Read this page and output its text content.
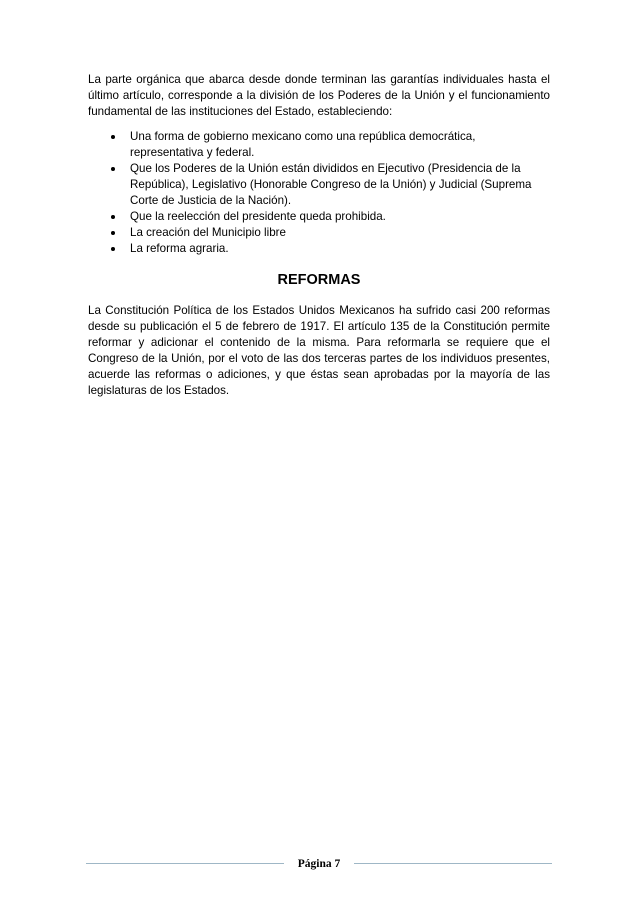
La parte orgánica que abarca desde donde terminan las garantías individuales hasta el último artículo, corresponde a la división de los Poderes de la Unión y el funcionamiento fundamental de las instituciones del Estado, estableciendo:

Una forma de gobierno mexicano como una república democrática, representativa y federal.
Que los Poderes de la Unión están divididos en Ejecutivo (Presidencia de la República), Legislativo (Honorable Congreso de la Unión) y Judicial (Suprema Corte de Justicia de la Nación).
Que la reelección del presidente queda prohibida.
La creación del Municipio libre
La reforma agraria.
REFORMAS

La Constitución Política de los Estados Unidos Mexicanos ha sufrido casi 200 reformas desde su publicación el 5 de febrero de 1917. El artículo 135 de la Constitución permite reformar y adicionar el contenido de la misma. Para reformarla se requiere que el Congreso de la Unión, por el voto de las dos terceras partes de los individuos presentes, acuerde las reformas o adiciones, y que éstas sean aprobadas por la mayoría de las legislaturas de los Estados.

Página 7
